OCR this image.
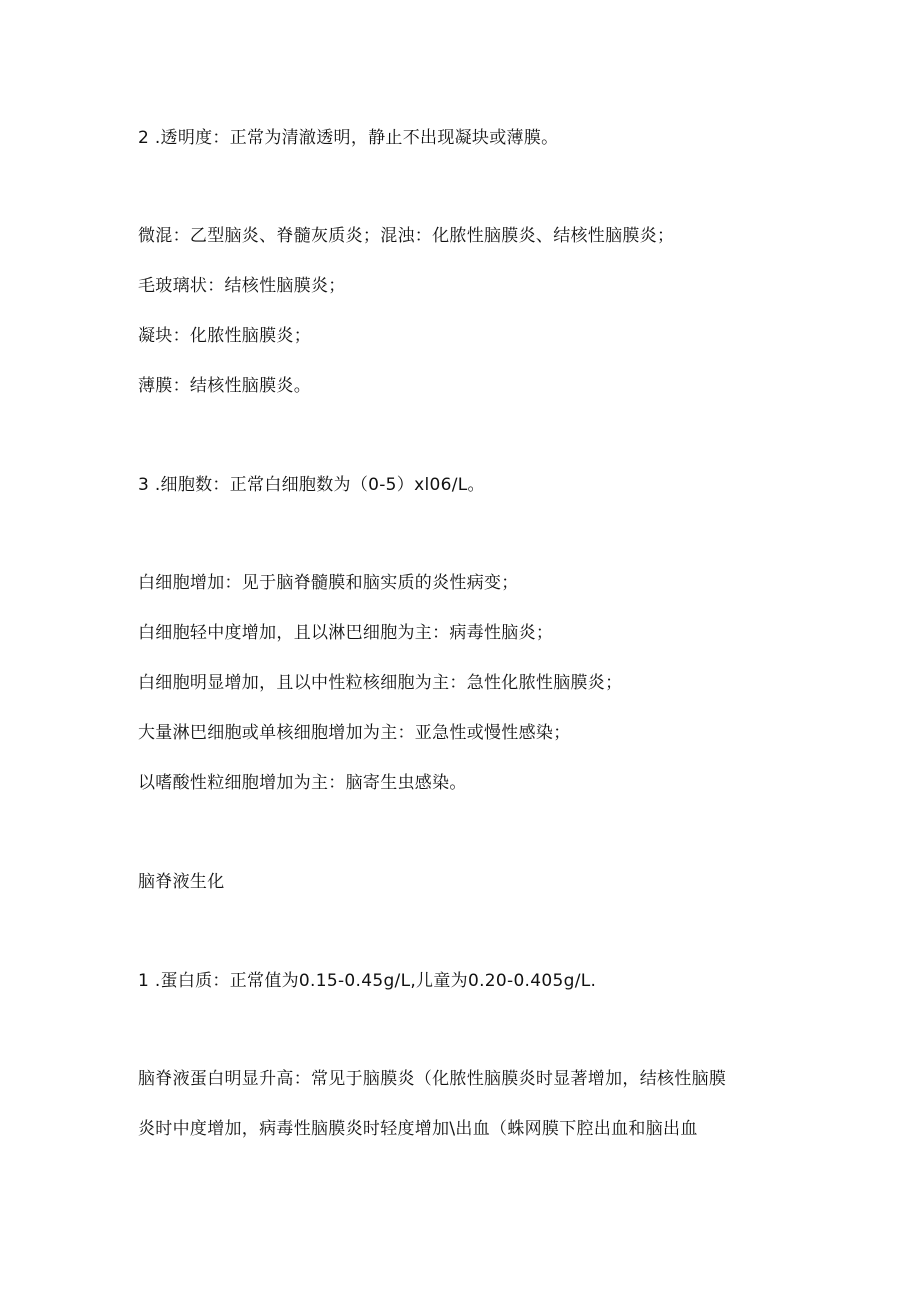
2 .透明度：正常为清澈透明，静止不出现凝块或薄膜。
微混：乙型脑炎、脊髓灰质炎；混浊：化脓性脑膜炎、结核性脑膜炎；
毛玻璃状：结核性脑膜炎；
凝块：化脓性脑膜炎；
薄膜：结核性脑膜炎。
3 .细胞数：正常白细胞数为（0-5）xl06∕L。
白细胞增加：见于脑脊髓膜和脑实质的炎性病变；
白细胞轻中度增加，且以淋巴细胞为主：病毒性脑炎；
白细胞明显增加，且以中性粒核细胞为主：急性化脓性脑膜炎；
大量淋巴细胞或单核细胞增加为主：亚急性或慢性感染；
以嗜酸性粒细胞增加为主：脑寄生虫感染。
脑脊液生化
1 .蛋白质：正常值为0.15-0.45g/L,儿童为0.20-0.405g∕L.
脑脊液蛋白明显升高：常见于脑膜炎（化脓性脑膜炎时显著增加，结核性脑膜
炎时中度增加，病毒性脑膜炎时轻度增加\出血（蛛网膜下腔出血和脑出血
